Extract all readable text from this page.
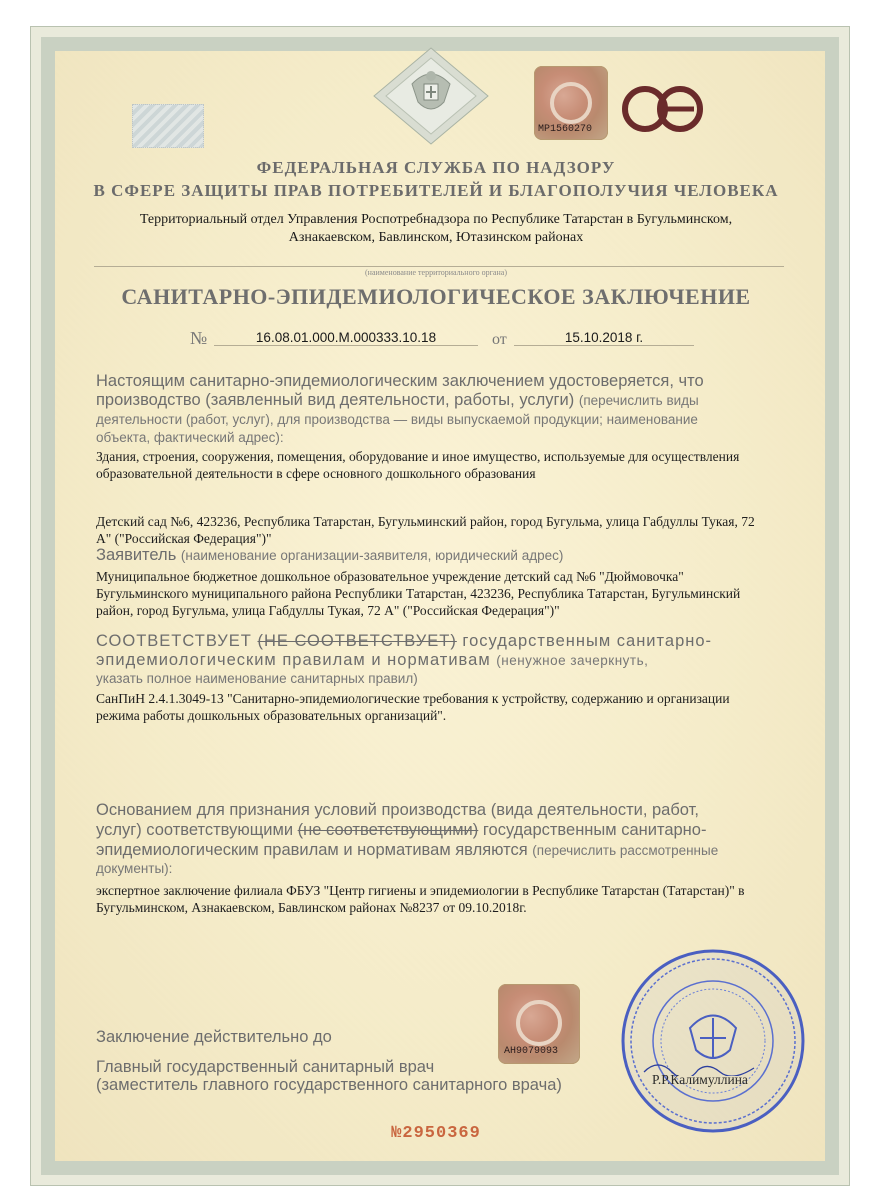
МР1560270
ФЕДЕРАЛЬНАЯ СЛУЖБА ПО НАДЗОРУ
В СФЕРЕ ЗАЩИТЫ ПРАВ ПОТРЕБИТЕЛЕЙ И БЛАГОПОЛУЧИЯ ЧЕЛОВЕКА
Территориальный отдел Управления Роспотребнадзора по Республике Татарстан в Бугульминском,
Азнакаевском, Бавлинском, Ютазинском районах
(наименование территориального органа)
САНИТАРНО-ЭПИДЕМИОЛОГИЧЕСКОЕ ЗАКЛЮЧЕНИЕ
№	16.08.01.000.М.000333.10.18	от	15.10.2018 г.
Настоящим санитарно-эпидемиологическим заключением удостоверяется, что
производство (заявленный вид деятельности, работы, услуги) (перечислить виды
деятельности (работ, услуг), для производства — виды выпускаемой продукции; наименование
объекта, фактический адрес):
Здания, строения, сооружения, помещения, оборудование и иное имущество, используемые для осуществления
образовательной деятельности в сфере основного дошкольного образования
Детский сад №6, 423236, Республика Татарстан, Бугульминский район, город Бугульма, улица Габдуллы Тукая, 72
А" ("Российская Федерация")"
Заявитель (наименование организации-заявителя, юридический адрес)
Муниципальное бюджетное дошкольное образовательное учреждение детский сад №6 "Дюймовочка"
Бугульминского муниципального района Республики Татарстан, 423236, Республика Татарстан, Бугульминский
район, город Бугульма, улица Габдуллы Тукая, 72 А" ("Российская Федерация")"
СООТВЕТСТВУЕТ (НЕ СООТВЕТСТВУЕТ) государственным санитарно-
эпидемиологическим правилам и нормативам (ненужное зачеркнуть,
указать полное наименование санитарных правил)
СанПиН 2.4.1.3049-13 "Санитарно-эпидемиологические требования к устройству, содержанию и организации
режима работы дошкольных образовательных организаций".
Основанием для признания условий производства (вида деятельности, работ,
услуг) соответствующими (не соответствующими) государственным санитарно-
эпидемиологическим правилам и нормативам являются (перечислить рассмотренные
документы):
экспертное заключение филиала ФБУЗ "Центр гигиены и эпидемиологии в Республике Татарстан (Татарстан)" в
Бугульминском, Азнакаевском, Бавлинском районах №8237 от 09.10.2018г.
Заключение действительно до
Главный государственный санитарный врач
(заместитель главного государственного санитарного врача)
АН9079093
Р.Р.Калимуллина
№2950369
